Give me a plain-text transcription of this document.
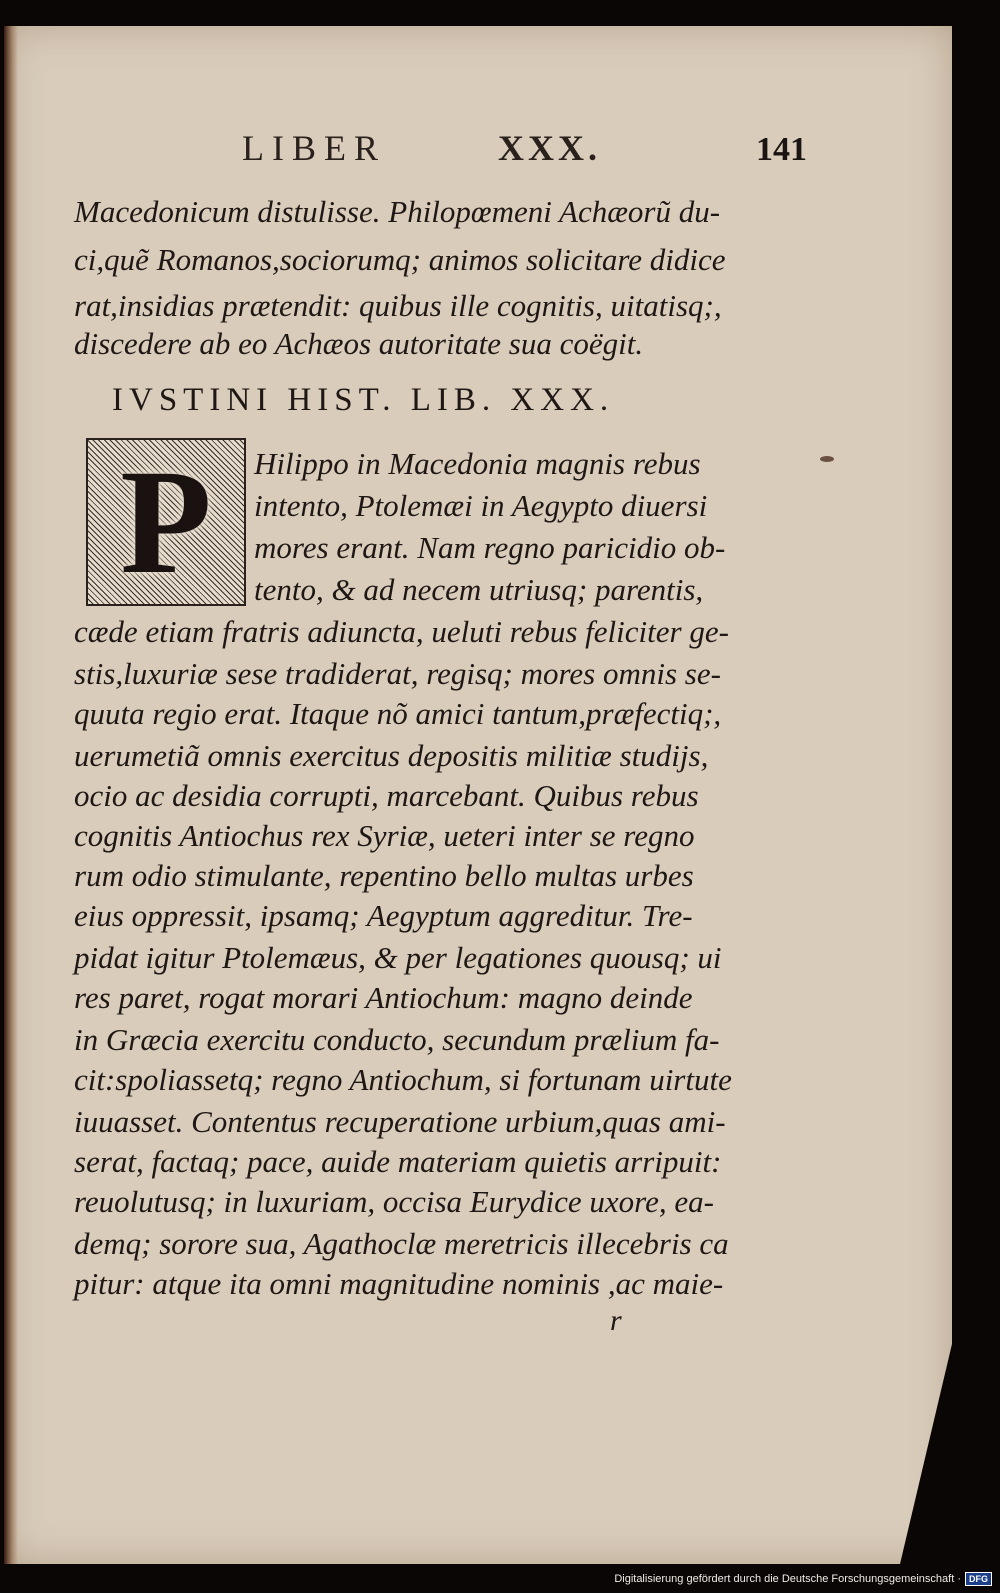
LIBER	XXX.	141
Macedonicum distulisse. Philopœmeni Achæorũ du-
ci,quẽ Romanos,sociorumq; animos solicitare didice
rat,insidias prætendit: quibus ille cognitis, uitatisq;,
discedere ab eo Achæos autoritate sua coëgit.
IVSTINI HIST. LIB. XXX.
P	Hilippo in Macedonia magnis rebus
intento, Ptolemæi in Aegypto diuersi
mores erant. Nam regno paricidio ob-
tento, & ad necem utriusq; parentis,
cæde etiam fratris adiuncta, ueluti rebus feliciter ge-
stis,luxuriæ sese tradiderat, regisq; mores omnis se-
quuta regio erat. Itaque nõ amici tantum,præfectiq;,
uerumetiã omnis exercitus depositis militiæ studijs,
ocio ac desidia corrupti, marcebant. Quibus rebus
cognitis Antiochus rex Syriæ, ueteri inter se regno
rum odio stimulante, repentino bello multas urbes
eius oppressit, ipsamq; Aegyptum aggreditur. Tre-
pidat igitur Ptolemæus, & per legationes quousq; ui
res paret, rogat morari Antiochum: magno deinde
in Græcia exercitu conducto, secundum prælium fa-
cit:spoliassetq; regno Antiochum, si fortunam uirtute
iuuasset. Contentus recuperatione urbium,quas ami-
serat, factaq; pace, auide materiam quietis arripuit:
reuolutusq; in luxuriam, occisa Eurydice uxore, ea-
demq; sorore sua, Agathoclæ meretricis illecebris ca
pitur: atque ita omni magnitudine nominis ,ac maie-
r
Digitalisierung gefördert durch die Deutsche Forschungsgemeinschaft · DFG
